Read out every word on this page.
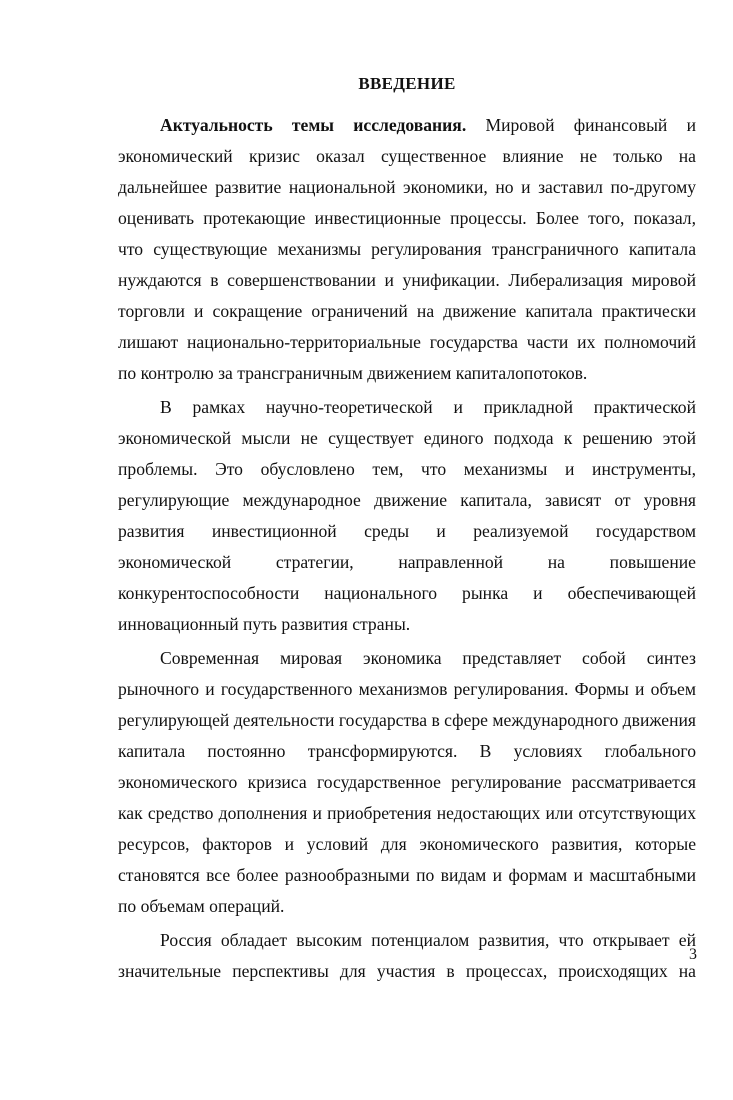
ВВЕДЕНИЕ

Актуальность темы исследования. Мировой финансовый и экономический кризис оказал существенное влияние не только на дальнейшее развитие национальной экономики, но и заставил по-другому оценивать протекающие инвестиционные процессы. Более того, показал, что существующие механизмы регулирования трансграничного капитала нуждаются в совершенствовании и унификации. Либерализация мировой торговли и сокращение ограничений на движение капитала практически лишают национально-территориальные государства части их полномочий по контролю за трансграничным движением капиталопотоков.

В рамках научно-теоретической и прикладной практической экономической мысли не существует единого подхода к решению этой проблемы. Это обусловлено тем, что механизмы и инструменты, регулирующие международное движение капитала, зависят от уровня развития инвестиционной среды и реализуемой государством экономической стратегии, направленной на повышение конкурентоспособности национального рынка и обеспечивающей инновационный путь развития страны.

Современная мировая экономика представляет собой синтез рыночного и государственного механизмов регулирования. Формы и объем регулирующей деятельности государства в сфере международного движения капитала постоянно трансформируются. В условиях глобального экономического кризиса государственное регулирование рассматривается как средство дополнения и приобретения недостающих или отсутствующих ресурсов, факторов и условий для экономического развития, которые становятся все более разнообразными по видам и формам и масштабными по объемам операций.

Россия обладает высоким потенциалом развития, что открывает ей значительные перспективы для участия в процессах, происходящих на

3
